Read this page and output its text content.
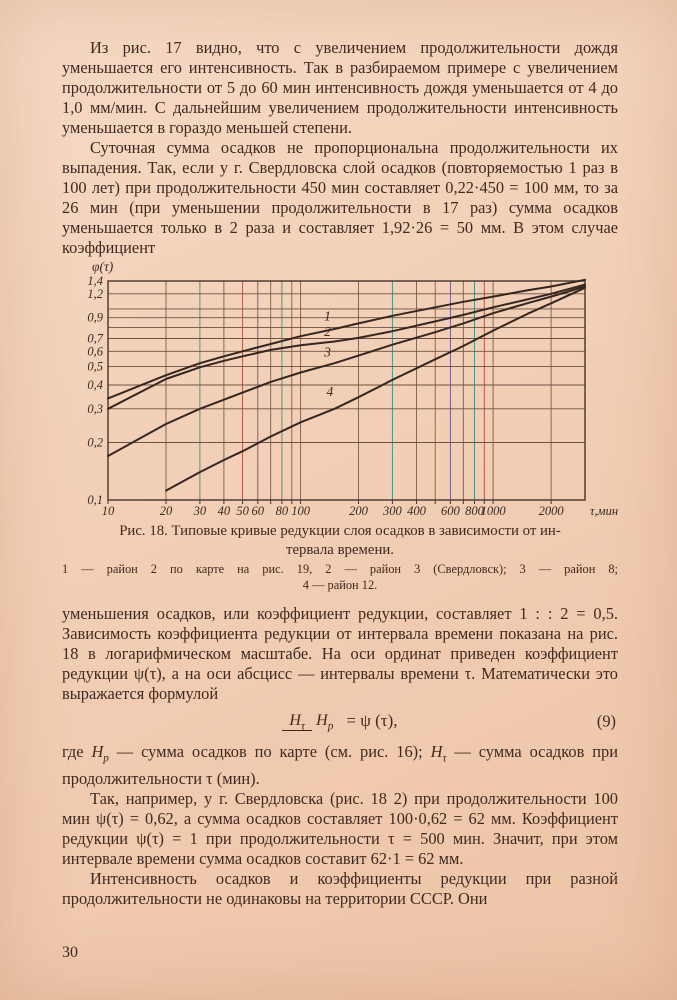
Из рис. 17 видно, что с увеличением продолжительности дождя уменьшается его интенсивность. Так в разбираемом примере с увеличением продолжительности от 5 до 60 мин интенсивность дождя уменьшается от 4 до 1,0 мм/мин. С дальнейшим увеличением продолжительности интенсивность уменьшается в гораздо меньшей степени.

Суточная сумма осадков не пропорциональна продолжительности их выпадения. Так, если у г. Свердловска слой осадков (повторяемостью 1 раз в 100 лет) при продолжительности 450 мин составляет 0,22·450 = 100 мм, то за 26 мин (при уменьшении продолжительности в 17 раз) сумма осадков уменьшается только в 2 раза и составляет 1,92·26 = 50 мм. В этом случае коэффициент

10	20 30 40 50 60 80 100	200 300 400 600 800
1000	2000 τ,мин
1,4
1,2
0,9
0,7
0,6
0,5
0,4
0,3
0,2
0,1
φ(τ)
1
2
3
4
Рис. 18. Типовые кривые редукции слоя осадков в зависимости от ин-
тервала времени.
1 — район 2 по карте на рис. 19, 2 — район 3 (Свердловск); 3 — район 8;
4 — район 12.

уменьшения осадков, или коэффициент редукции, составляет 1 : : 2 = 0,5. Зависимость коэффициента редукции от интервала времени показана на рис. 18 в логарифмическом масштабе. На оси ординат приведен коэффициент редукции ψ(τ), а на оси абсцисс — интервалы времени τ. Математически это выражается формулой

$H_\tau$ $H_р = \psi$ (τ),	(9)

где $H_р$ — сумма осадков по карте (см. рис. 16); $H_\tau$ — сумма осадков при продолжительности τ (мин).

Так, например, у г. Свердловска (рис. 18 2) при продолжительности 100 мин ψ(τ) = 0,62, а сумма осадков составляет 100·0,62 = 62 мм. Коэффициент редукции ψ(τ) = 1 при продолжительности τ = 500 мин. Значит, при этом интервале времени сумма осадков составит 62·1 = 62 мм.

Интенсивность осадков и коэффициенты редукции при разной продолжительности не одинаковы на территории СССР. Они

30
